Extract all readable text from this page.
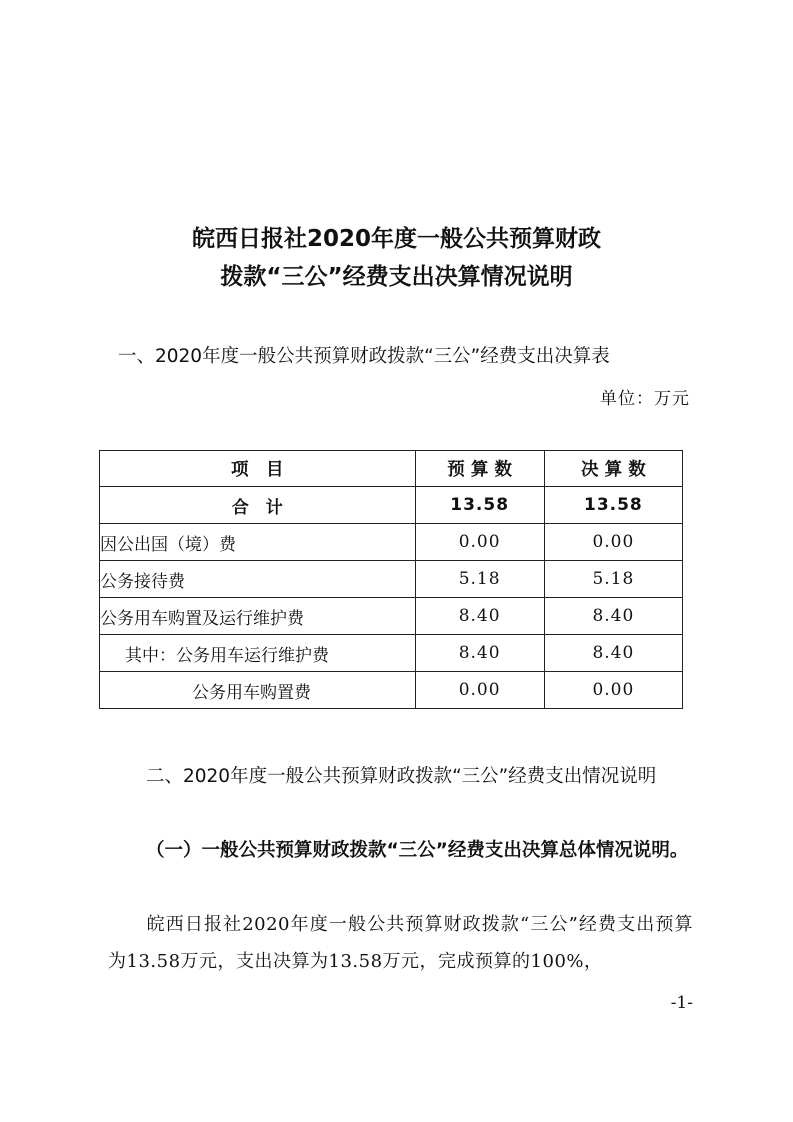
皖西日报社2020年度一般公共预算财政
拨款“三公”经费支出决算情况说明
一、2020年度一般公共预算财政拨款“三公”经费支出决算表
单位：万元
项　目	预 算 数	决 算 数
合　计	13.58	13.58
因公出国（境）费	0.00	0.00
公务接待费	5.18	5.18
公务用车购置及运行维护费	8.40	8.40
其中：公务用车运行维护费	8.40	8.40
公务用车购置费	0.00	0.00
二、2020年度一般公共预算财政拨款“三公”经费支出情况说明
（一）一般公共预算财政拨款“三公”经费支出决算总体情况说明。
皖西日报社2020年度一般公共预算财政拨款“三公”经费支出预算为13.58万元，支出决算为13.58万元，完成预算的100%，
-1-
